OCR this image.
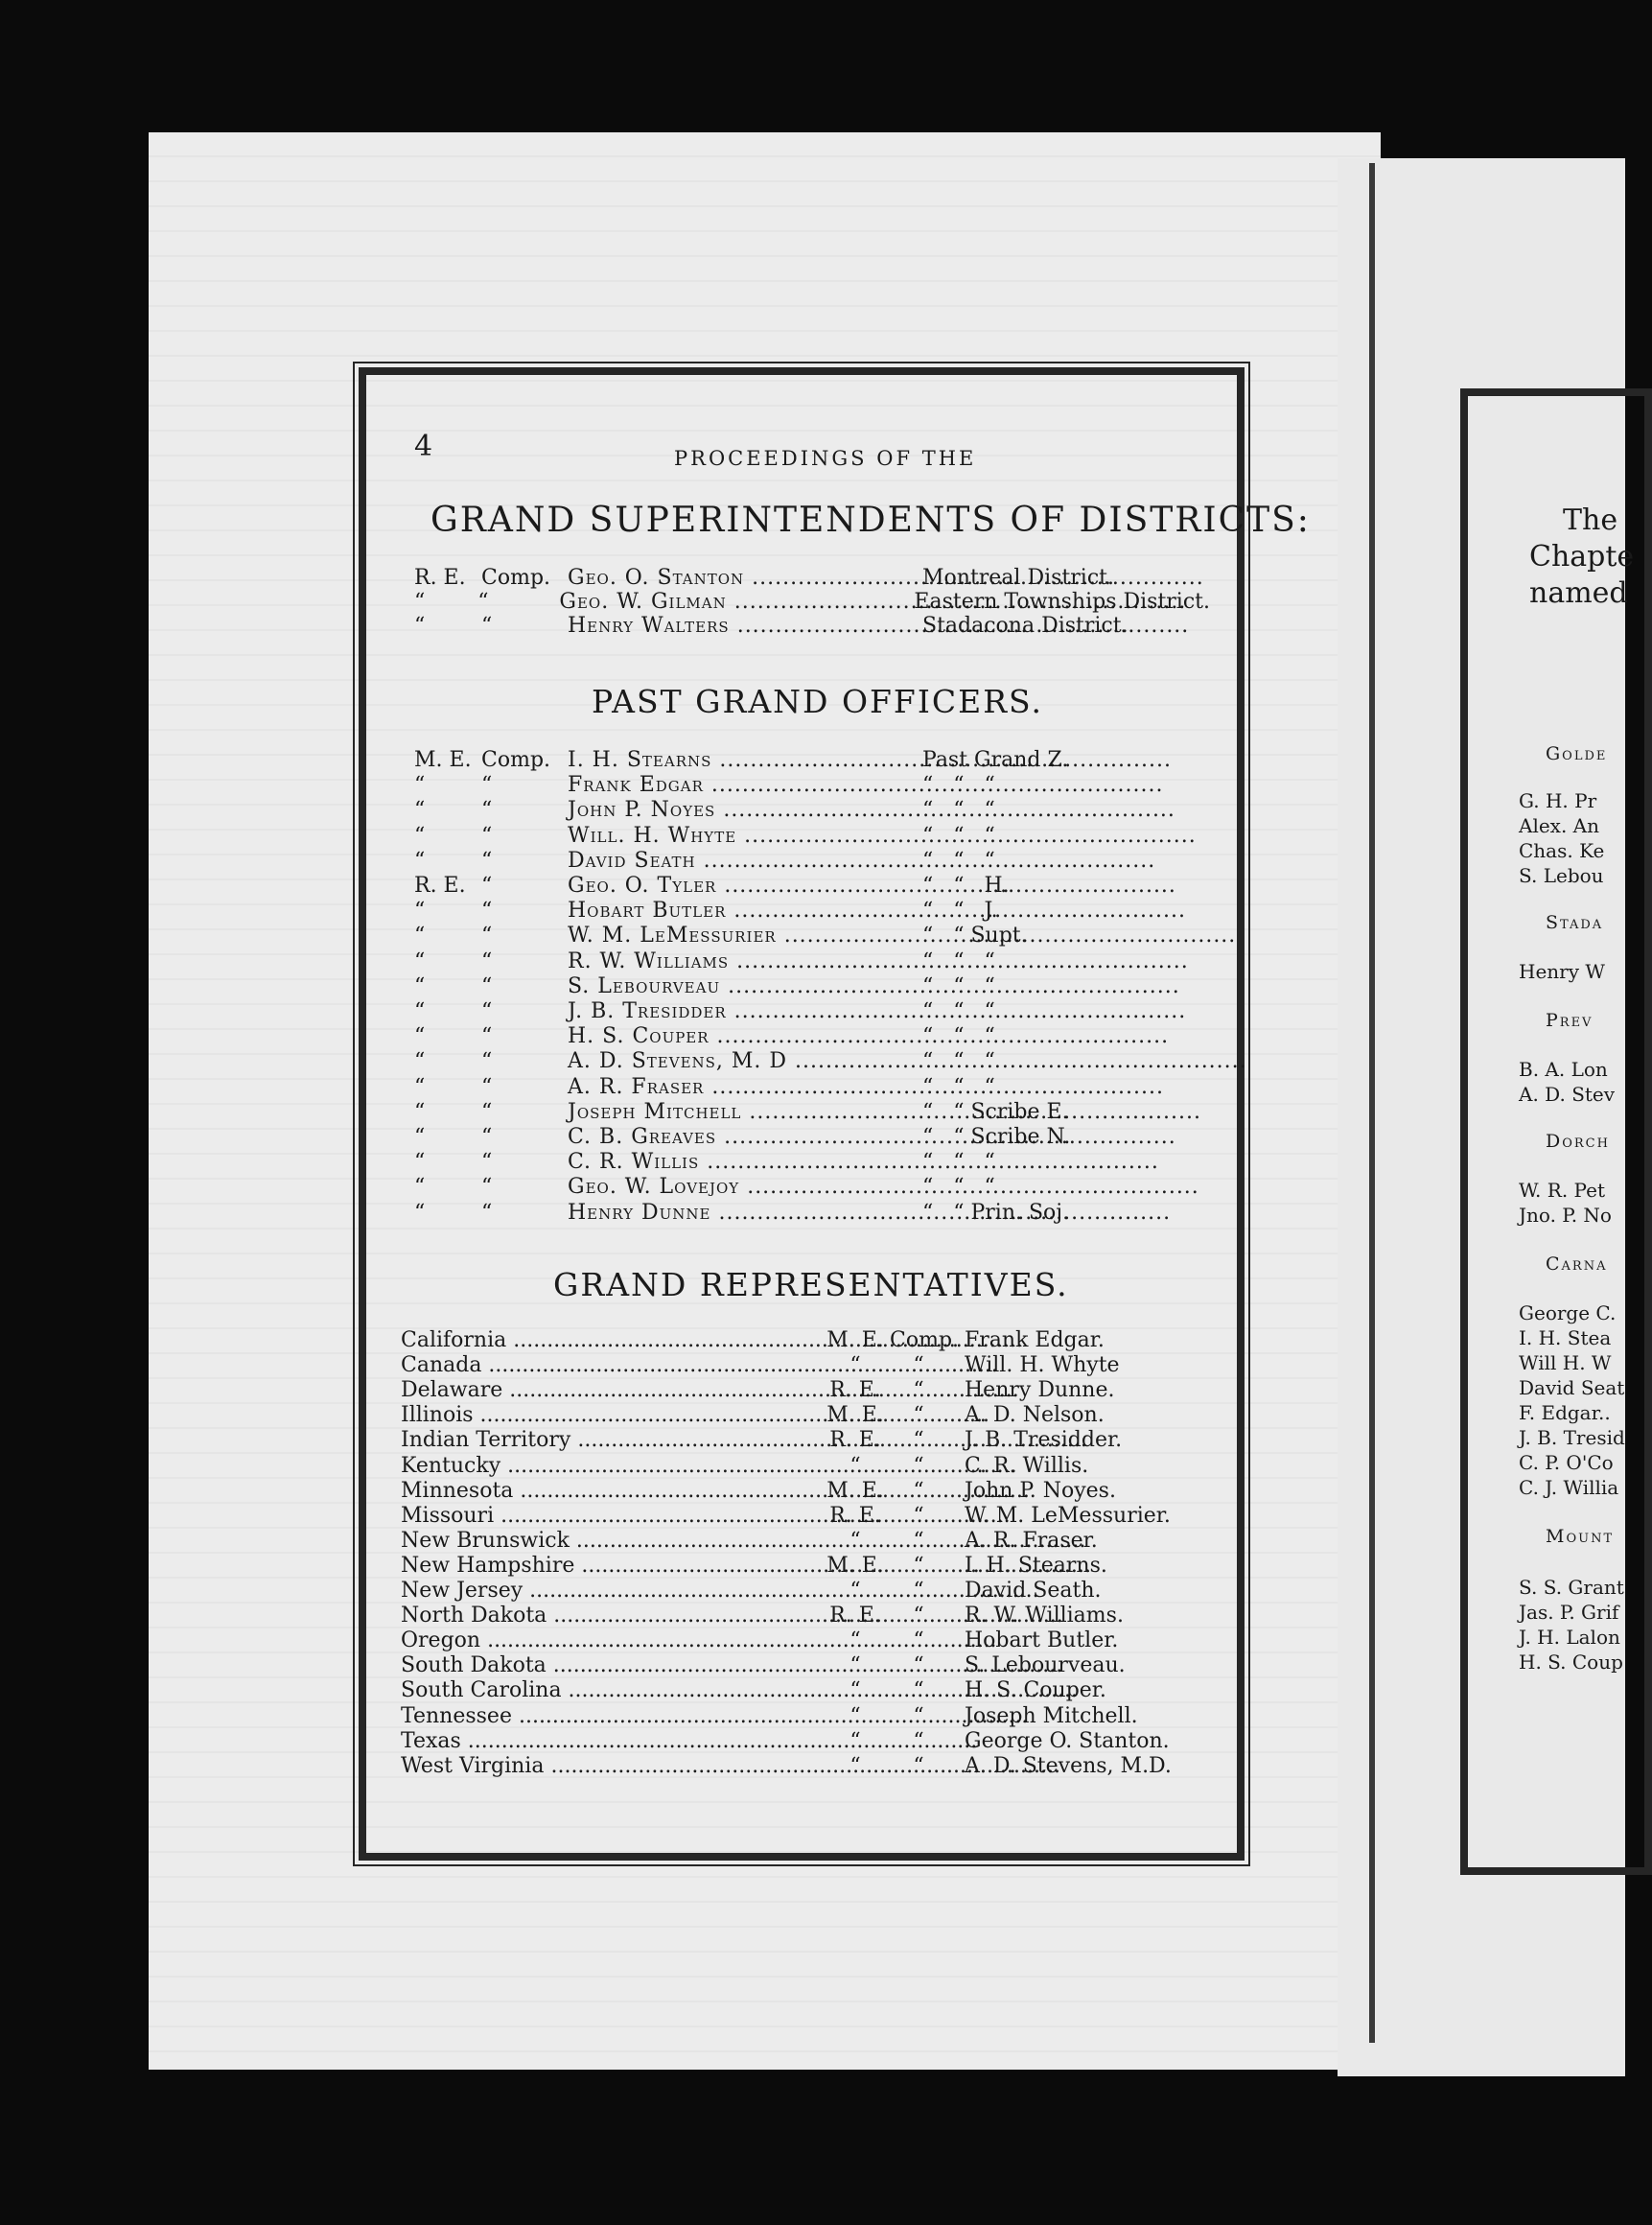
4	PROCEEDINGS OF THE
GRAND SUPERINTENDENTS OF DISTRICTS:
R. E. Comp. Geo. O. Stanton .....	Montreal District.
“	“	Geo. W. Gilman .....	Eastern Townships District.
“	“	Henry Walters .....	Stadacona District.
PAST GRAND OFFICERS.
M. E. Comp. I. H. Stearns .....	Past Grand Z.
“	“	Frank Edgar .....	“   “   “
“	“	John P. Noyes .....	“   “   “
“	“	Will. H. Whyte .....	“   “   “
“	“	David Seath .....	“   “   “
R. E. “	Geo. O. Tyler .....	“   “   H.
“	“	Hobart Butler .....	“   “   J.
“	“	W. M. LeMessurier .....	“   “ Supt.
“	“	R. W. Williams .....	“   “   “
“	“	S. Lebourveau .....	“   “   “
“	“	J. B. Tresidder .....	“   “   “
“	“	H. S. Couper .....	“   “   “
“	“	A. D. Stevens, M. D .....	“   “   “
“	“	A. R. Fraser .....	“   “   “
“	“	Joseph Mitchell .....	“   “ Scribe E.
“	“	C. B. Greaves .....	“   “ Scribe N.
“	“	C. R. Willis .....	“   “   “
“	“	Geo. W. Lovejoy .....	“   “   “
“	“	Henry Dunne .....	“   “ Prin. Soj.
GRAND REPRESENTATIVES.
California .....	M. E. Comp. Frank Edgar.
Canada .....	“	“	Will. H. Whyte
Delaware .....	R. E.	“	Henry Dunne.
Illinois .....	M. E.	“	A. D. Nelson.
Indian Territory .....	R. E.	“	J. B. Tresidder.
Kentucky .....	“	“	C. R. Willis.
Minnesota .....	M. E.	“	John P. Noyes.
Missouri .....	R. E.	“	W. M. LeMessurier.
New Brunswick .....	“	“	A. R. Fraser.
New Hampshire .....	M. E.	“	I. H. Stearns.
New Jersey .....	“	“	David Seath.
North Dakota .....	R. E.	“	R. W. Williams.
Oregon .....	“	“	Hobart Butler.
South Dakota .....	“	“	S. Lebourveau.
South Carolina .....	“	“	H. S. Couper.
Tennessee .....	“	“	Joseph Mitchell.
Texas .....	“	“	George O. Stanton.
West Virginia .....	“	“	A. D. Stevens, M.D.
The
Chapte
named
Golde
G. H. Pr
Alex. An
Chas. Ke
S. Lebou
Stada
Henry W
Prev
B. A. Lon
A. D. Stev
Dorch
W. R. Pet
Jno. P. No
Carna
George C.
I. H. Stea
Will H. W
David Seat
F. Edgar..
J. B. Tresid
C. P. O'Co
C. J. Willia
Mount
S. S. Grant
Jas. P. Grif
J. H. Lalon
H. S. Coup
